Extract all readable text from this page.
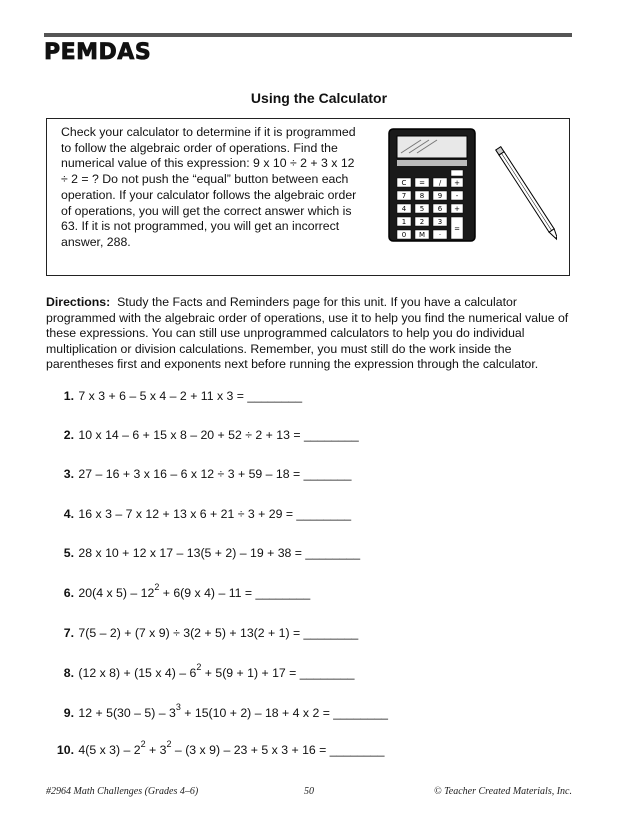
PEMDAS
Using the Calculator

Check your calculator to determine if it is programmed to follow the algebraic order of operations. Find the numerical value of this expression: 9 x 10 ÷ 2 + 3 x 12 ÷ 2 = ? Do not push the “equal” button between each operation. If your calculator follows the algebraic order of operations, you will get the correct answer which is 63. If it is not programmed, you will get an incorrect answer, 288.

C = / +
7 8 9 -
4 5 6 +
1 2 3
=
0 M ·

Directions: Study the Facts and Reminders page for this unit. If you have a calculator programmed with the algebraic order of operations, use it to help you find the numerical value of these expressions. You can still use unprogrammed calculators to help you do individual multiplication or division calculations. Remember, you must still do the work inside the parentheses first and exponents next before running the expression through the calculator.

1. 7 x 3 + 6 – 5 x 4 – 2 + 11 x 3 = ________
2. 10 x 14 – 6 + 15 x 8 – 20 + 52 ÷ 2 + 13 = ________
3. 27 – 16 + 3 x 16 – 6 x 12 ÷ 3 + 59 – 18 = _______
4. 16 x 3 – 7 x 12 + 13 x 6 + 21 ÷ 3 + 29 = ________
5. 28 x 10 + 12 x 17 – 13(5 + 2) – 19 + 38 = ________
6. 20(4 x $5) - 12^2 + 6(9$ x 4) – 11 = ________
7. 7(5 – 2) + (7 x 9) ÷ 3(2 + 5) + 13(2 + 1) = ________
8. (12 x 8) + (15 x $4) - 6^2 + 5(9 + 1) + 17$ = ________
9. $12 + 5(30 - 5) - 3^3 + 15(10 + 2) - 18 + 4$ x 2 = ________
10. 4(5 x $3) - 2^2 + 3^2 - (3$ x 9) – 23 + 5 x 3 + 16 = ________
#2964 Math Challenges (Grades 4–6)	50	© Teacher Created Materials, Inc.
